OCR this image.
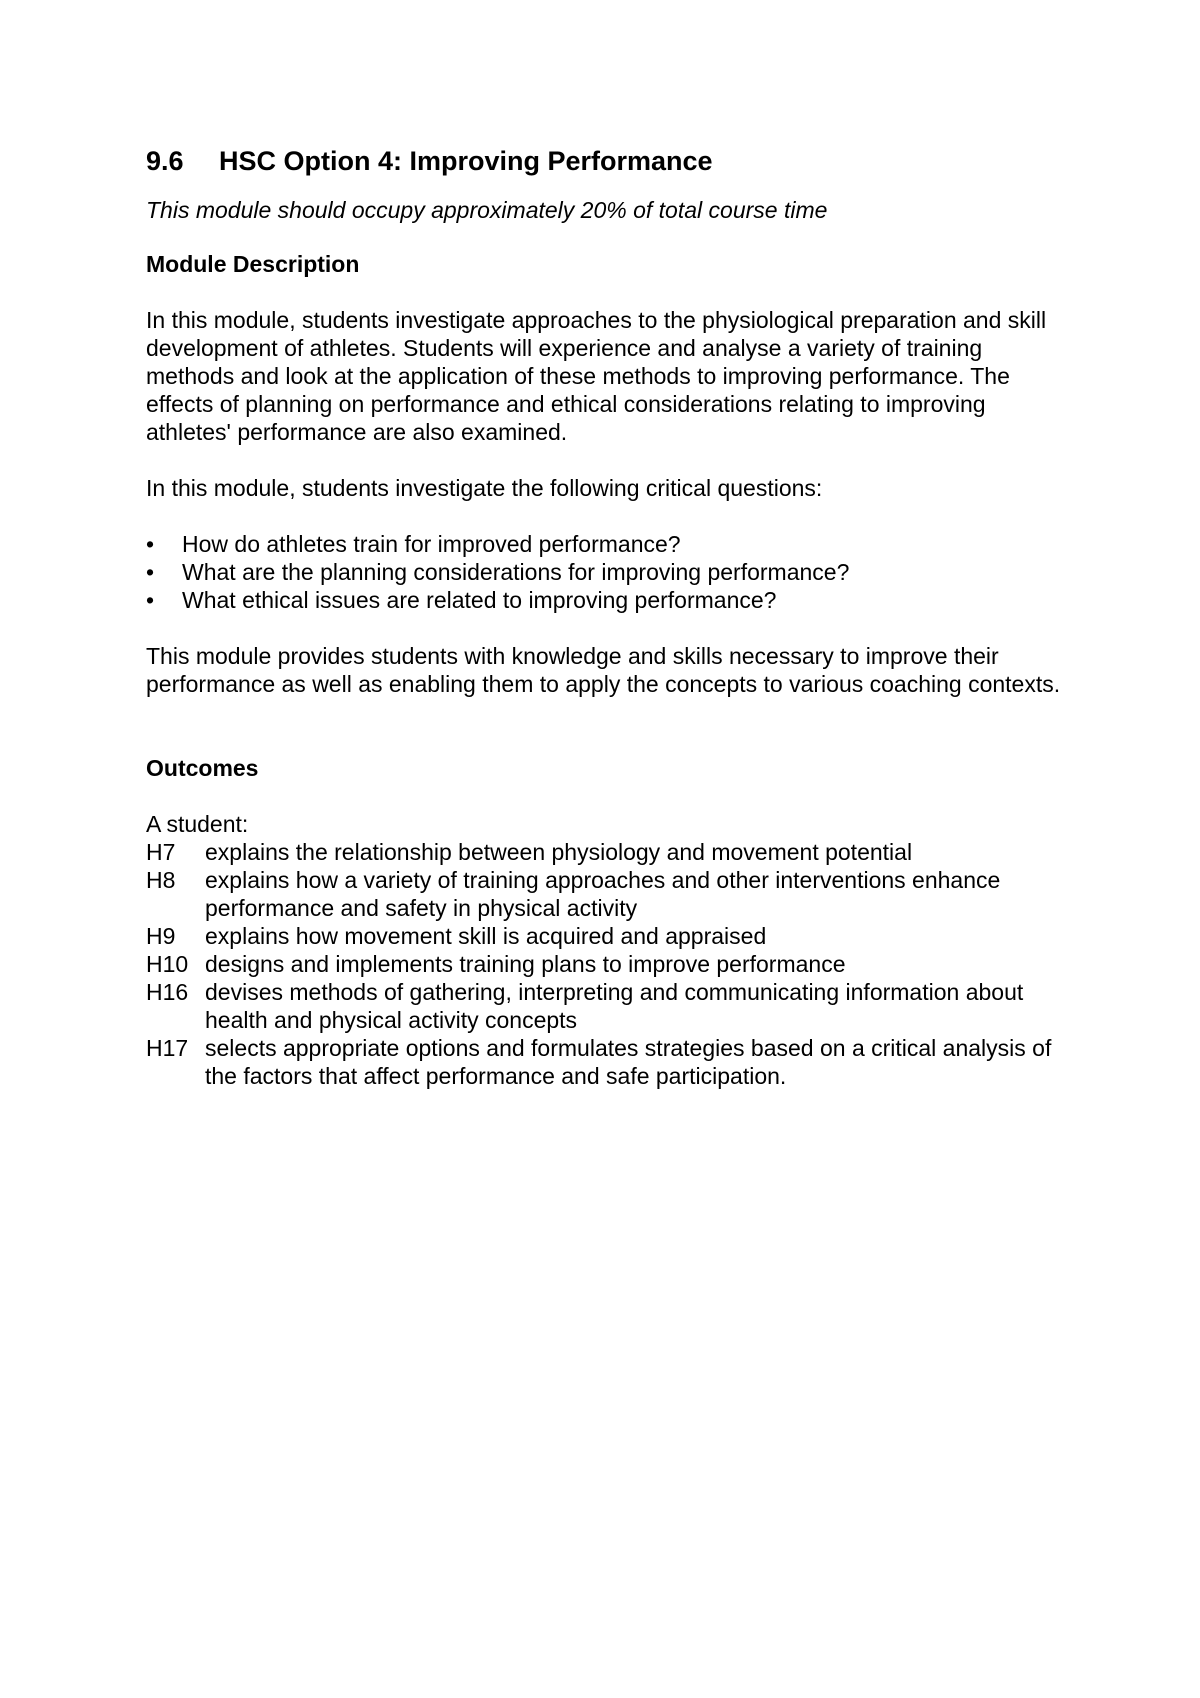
9.6 HSC Option 4: Improving Performance

This module should occupy approximately 20% of total course time

Module Description

In this module, students investigate approaches to the physiological preparation and skill development of athletes. Students will experience and analyse a variety of training methods and look at the application of these methods to improving performance. The effects of planning on performance and ethical considerations relating to improving athletes' performance are also examined.

In this module, students investigate the following critical questions:

•	How do athletes train for improved performance?
•	What are the planning considerations for improving performance?
•	What ethical issues are related to improving performance?

This module provides students with knowledge and skills necessary to improve their performance as well as enabling them to apply the concepts to various coaching contexts.

Outcomes

A student:

H7	explains the relationship between physiology and movement potential
H8	explains how a variety of training approaches and other interventions enhance performance and safety in physical activity
H9	explains how movement skill is acquired and appraised
H10 designs and implements training plans to improve performance
H16 devises methods of gathering, interpreting and communicating information about health and physical activity concepts
H17 selects appropriate options and formulates strategies based on a critical analysis of the factors that affect performance and safe participation.
